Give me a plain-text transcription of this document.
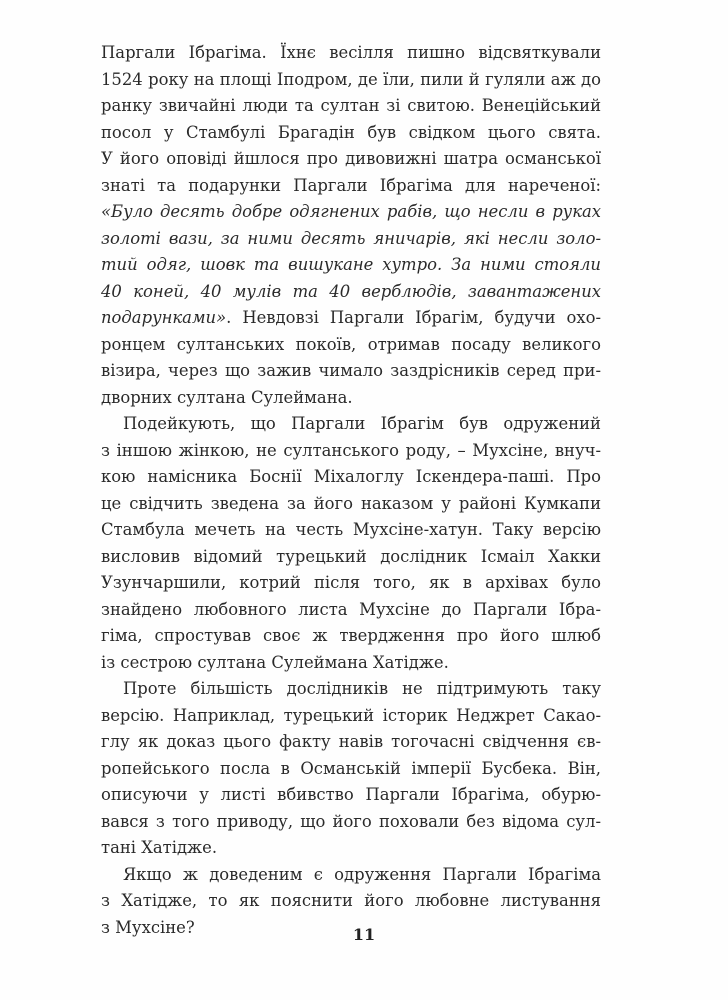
Паргали Ібрагіма. Їхнє весілля пишно відсвяткували
1524 року на площі Іподром, де їли, пили й гуляли аж до
ранку звичайні люди та султан зі свитою. Венеційський
посол у Стамбулі Брагадін був свідком цього свята.
У його оповіді йшлося про дивовижні шатра османської
знаті та подарунки Паргали Ібрагіма для нареченої:
«Було десять добре одягнених рабів, що несли в руках
золоті вази, за ними десять яничарів, які несли золо-
тий одяг, шовк та вишукане хутро. За ними стояли
40 коней, 40 мулів та 40 верблюдів, завантажених
подарунками». Невдовзі Паргали Ібрагім, будучи охо-
ронцем султанських покоїв, отримав посаду великого
візира, через що зажив чимало заздрісників серед при-
дворних султана Сулеймана.
Подейкують, що Паргали Ібрагім був одружений
з іншою жінкою, не султанського роду, – Мухсіне, внуч-
кою намісника Боснії Міхалоглу Іскендера-паші. Про
це свідчить зведена за його наказом у районі Кумкапи
Стамбула мечеть на честь Мухсіне-хатун. Таку версію
висловив відомий турецький дослідник Ісмаіл Хакки
Узунчаршили, котрий після того, як в архівах було
знайдено любовного листа Мухсіне до Паргали Ібра-
гіма, спростував своє ж твердження про його шлюб
із сестрою султана Сулеймана Хатідже.
Проте більшість дослідників не підтримують таку
версію. Наприклад, турецький історик Неджрет Сакао-
глу як доказ цього факту навів тогочасні свідчення єв-
ропейського посла в Османській імперії Бусбека. Він,
описуючи у листі вбивство Паргали Ібрагіма, обурю-
вався з того приводу, що його поховали без відома сул-
тані Хатідже.
Якщо ж доведеним є одруження Паргали Ібрагіма
з Хатідже, то як пояснити його любовне листування
з Мухсіне?	11
